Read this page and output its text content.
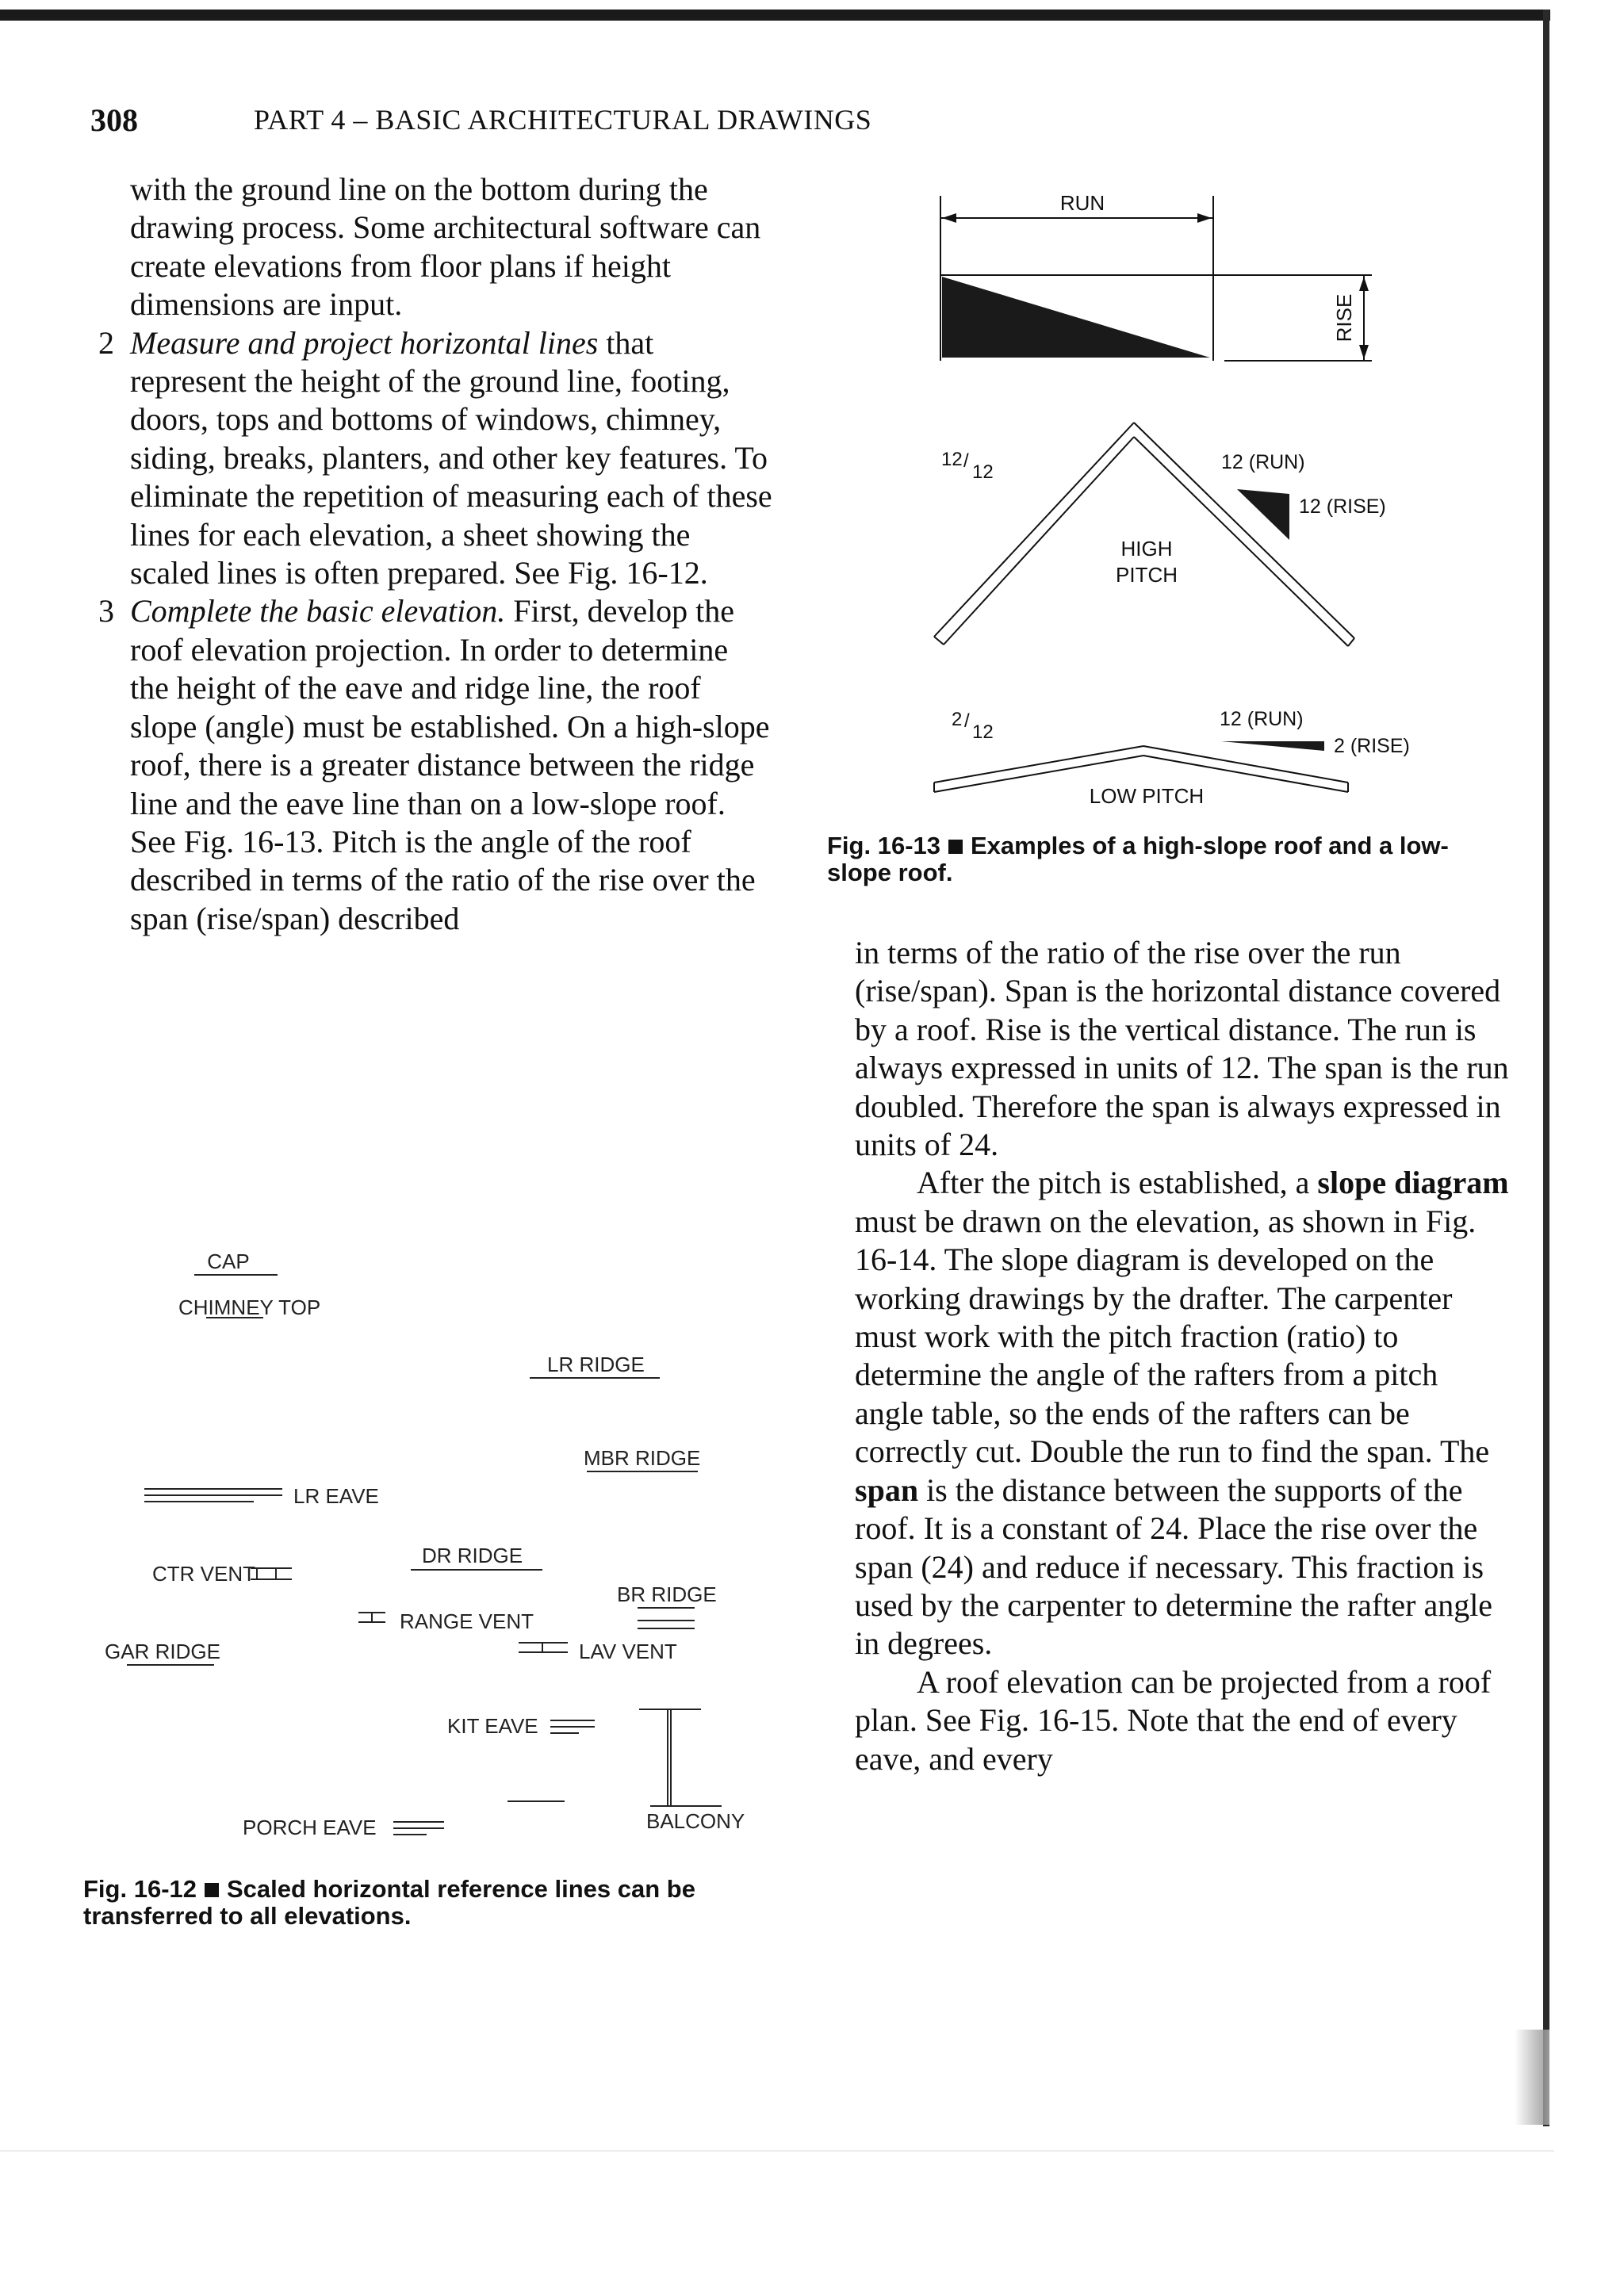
308	PART 4 – BASIC ARCHITECTURAL DRAWINGS

with the ground line on the bottom during the drawing process. Some architectural software can create elevations from floor plans if height dimensions are input.

2 Measure and project horizontal lines that represent the height of the ground line, footing, doors, tops and bottoms of windows, chimney, siding, breaks, planters, and other key features. To eliminate the repetition of measuring each of these lines for each elevation, a sheet showing the scaled lines is often prepared. See Fig. 16-12.

3 Complete the basic elevation. First, develop the roof elevation projection. In order to determine the height of the eave and ridge line, the roof slope (angle) must be established. On a high-slope roof, there is a greater distance between the ridge line and the eave line than on a low-slope roof. See Fig. 16-13. Pitch is the angle of the roof described in terms of the ratio of the rise over the span (rise/span) described

in terms of the ratio of the rise over the run (rise/span). Span is the horizontal distance covered by a roof. Rise is the vertical distance. The run is always expressed in units of 12. The span is the run doubled. Therefore the span is always expressed in units of 24.

After the pitch is established, a slope diagram must be drawn on the elevation, as shown in Fig. 16-14. The slope diagram is developed on the working drawings by the drafter. The carpenter must work with the pitch fraction (ratio) to determine the angle of the rafters from a pitch angle table, so the ends of the rafters can be correctly cut. Double the run to find the span. The span is the distance between the supports of the roof. It is a constant of 24. Place the rise over the span (24) and reduce if necessary. This fraction is used by the carpenter to determine the rafter angle in degrees.

A roof elevation can be projected from a roof plan. See Fig. 16-15. Note that the end of every eave, and every

RUN
RISE
12 /
12	12 (RUN)
12 (RISE)
HIGH
PITCH
2 /
12
12 (RUN)
2 (RISE)
LOW PITCH
Fig. 16-13 Examples of a high-slope roof and a low-slope roof.
CAP
CHIMNEY TOP
LR RIDGE
MBR RIDGE
LR EAVE
DR RIDGE
CTR VENT
BR RIDGE
RANGE VENT
GAR RIDGE	LAV VENT
KIT EAVE
PORCH EAVE	BALCONY
Fig. 16-12 Scaled horizontal reference lines can be transferred to all elevations.
